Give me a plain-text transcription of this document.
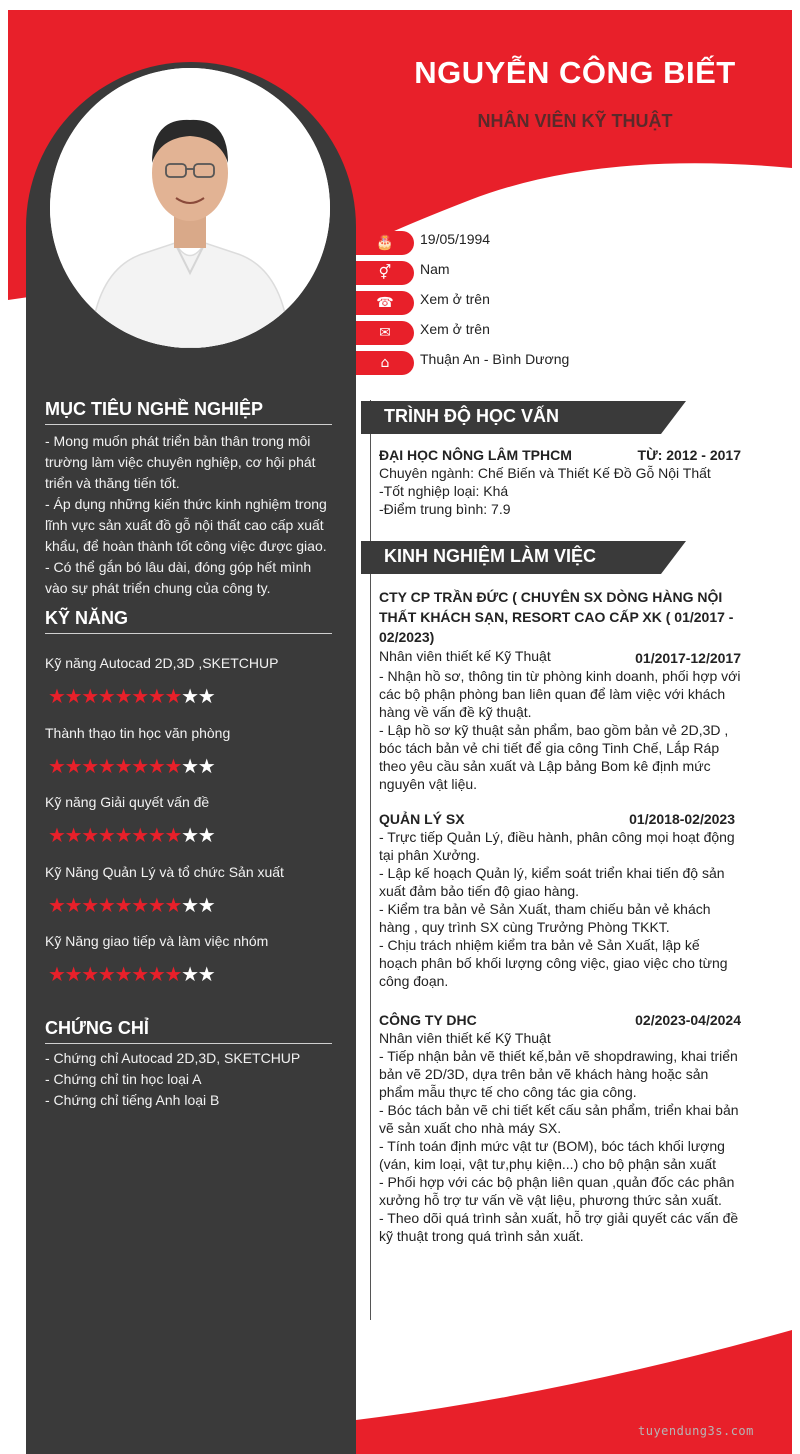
NGUYỄN CÔNG BIẾT
NHÂN VIÊN KỸ THUẬT
🎂	19/05/1994
⚥	Nam
☎	Xem ở trên
✉	Xem ở trên
⌂	Thuận An - Bình Dương
MỤC TIÊU NGHỀ NGHIỆP
- Mong muốn phát triển bản thân trong môi trường làm việc chuyên nghiệp, cơ hội phát triển và thăng tiến tốt.
- Áp dụng những kiến thức kinh nghiệm trong lĩnh vực sản xuất đồ gỗ nội thất cao cấp xuất khẩu, để hoàn thành tốt công việc được giao.
- Có thể gắn bó lâu dài, đóng góp hết mình vào sự phát triển chung của công ty.
KỸ NĂNG
Kỹ năng Autocad 2D,3D ,SKETCHUP
★★★★★★★★★★
Thành thạo tin học văn phòng
★★★★★★★★★★
Kỹ năng Giải quyết vấn đề
★★★★★★★★★★
Kỹ Năng Quản Lý và tổ chức Sản xuất
★★★★★★★★★★
Kỹ Năng giao tiếp và làm việc nhóm
★★★★★★★★★★
CHỨNG CHỈ
- Chứng chỉ Autocad 2D,3D, SKETCHUP
- Chứng chỉ tin học loại A
- Chứng chỉ tiếng Anh loại B
TRÌNH ĐỘ HỌC VẤN
ĐẠI HỌC NÔNG LÂM TPHCM	TỪ: 2012 - 2017
Chuyên ngành: Chế Biến và Thiết Kế Đồ Gỗ Nội Thất
-Tốt nghiệp loại: Khá
-Điểm trung bình: 7.9
KINH NGHIỆM LÀM VIỆC
CTY CP TRẦN ĐỨC ( CHUYÊN SX DÒNG HÀNG NỘI THẤT KHÁCH SẠN, RESORT CAO CẤP XK ( 01/2017 - 02/2023)
Nhân viên thiết kế Kỹ Thuật	01/2017-12/2017
- Nhận hồ sơ, thông tin từ phòng kinh doanh, phối hợp với các bộ phận phòng ban liên quan để làm việc với khách hàng về vấn đề kỹ thuật.
- Lập hồ sơ kỹ thuật sản phẩm, bao gồm bản vẻ 2D,3D , bóc tách bản vẻ chi tiết để gia công Tinh Chế, Lắp Ráp theo yêu cầu sản xuất và Lập bảng Bom kê định mức nguyên vật liệu.
QUẢN LÝ SX	01/2018-02/2023
- Trực tiếp Quản Lý, điều hành, phân công mọi hoạt động tại phân Xưởng.
- Lập kế hoạch Quản lý, kiểm soát triển khai tiến độ sản xuất đảm bảo tiến độ giao hàng.
- Kiểm tra bản vẻ Sản Xuất, tham chiếu bản vẻ khách hàng , quy trình SX cùng Trưởng Phòng TKKT.
- Chịu trách nhiệm kiểm tra bản vẻ Sản Xuất, lập kế hoạch phân bố khối lượng công việc, giao việc cho từng công đoạn.
CÔNG TY DHC	02/2023-04/2024
Nhân viên thiết kế Kỹ Thuật
- Tiếp nhận bản vẽ thiết kế,bản vẽ shopdrawing, khai triển bản vẽ 2D/3D, dựa trên bản vẽ khách hàng hoặc sản phẩm mẫu thực tế cho công tác gia công.
- Bóc tách bản vẽ chi tiết kết cấu sản phẩm, triển khai bản vẽ sản xuất cho nhà máy SX.
- Tính toán định mức vật tư (BOM), bóc tách khối lượng (ván, kim loại, vật tư,phụ kiện...) cho bộ phận sản xuất
- Phối hợp với các bộ phận liên quan ,quản đốc các phân xưởng hỗ trợ tư vấn về vật liệu, phương thức sản xuất.
- Theo dõi quá trình sản xuất, hỗ trợ giải quyết các vấn đề kỹ thuật trong quá trình sản xuất.
tuyendung3s.com
